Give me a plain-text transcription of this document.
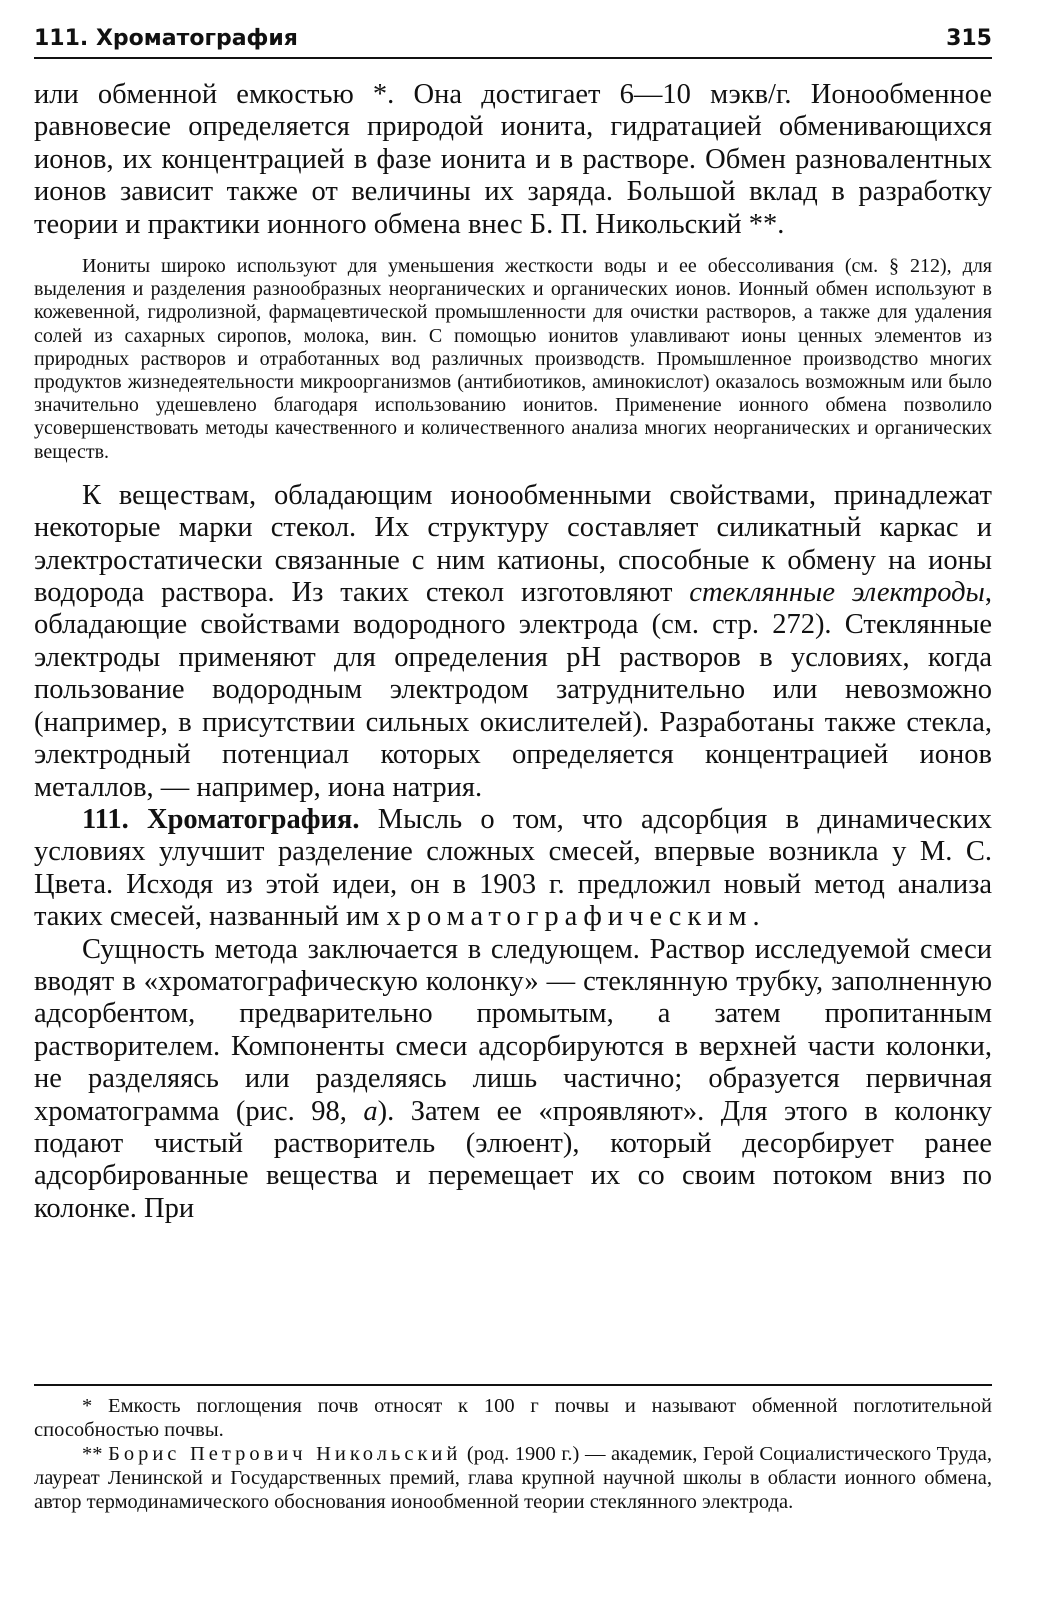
111. Хроматография	315

или обменной емкостью *. Она достигает 6—10 мэкв/г. Ионообменное равновесие определяется природой ионита, гидратацией обменивающихся ионов, их концентрацией в фазе ионита и в растворе. Обмен разновалентных ионов зависит также от величины их заряда. Большой вклад в разработку теории и практики ионного обмена внес Б. П. Никольский **.

Иониты широко используют для уменьшения жесткости воды и ее обессоливания (см. § 212), для выделения и разделения разнообразных неорганических и органических ионов. Ионный обмен используют в кожевенной, гидролизной, фармацевтической промышленности для очистки растворов, а также для удаления солей из сахарных сиропов, молока, вин. С помощью ионитов улавливают ионы ценных элементов из природных растворов и отработанных вод различных производств. Промышленное производство многих продуктов жизнедеятельности микроорганизмов (антибиотиков, аминокислот) оказалось возможным или было значительно удешевлено благодаря использованию ионитов. Применение ионного обмена позволило усовершенствовать методы качественного и количественного анализа многих неорганических и органических веществ.

К веществам, обладающим ионообменными свойствами, принадлежат некоторые марки стекол. Их структуру составляет силикатный каркас и электростатически связанные с ним катионы, способные к обмену на ионы водорода раствора. Из таких стекол изготовляют стеклянные электроды, обладающие свойствами водородного электрода (см. стр. 272). Стеклянные электроды применяют для определения pH растворов в условиях, когда пользование водородным электродом затруднительно или невозможно (например, в присутствии сильных окислителей). Разработаны также стекла, электродный потенциал которых определяется концентрацией ионов металлов, — например, иона натрия.

111. Хроматография. Мысль о том, что адсорбция в динамических условиях улучшит разделение сложных смесей, впервые возникла у М. С. Цвета. Исходя из этой идеи, он в 1903 г. предложил новый метод анализа таких смесей, названный им хроматографическим.

Сущность метода заключается в следующем. Раствор исследуемой смеси вводят в «хроматографическую колонку» — стеклянную трубку, заполненную адсорбентом, предварительно промытым, а затем пропитанным растворителем. Компоненты смеси адсорбируются в верхней части колонки, не разделяясь или разделяясь лишь частично; образуется первичная хроматограмма (рис. 98, а). Затем ее «проявляют». Для этого в колонку подают чистый растворитель (элюент), который десорбирует ранее адсорбированные вещества и перемещает их со своим потоком вниз по колонке. При

* Емкость поглощения почв относят к 100 г почвы и называют обменной поглотительной способностью почвы.

** Борис Петрович Никольский (род. 1900 г.) — академик, Герой Социалистического Труда, лауреат Ленинской и Государственных премий, глава крупной научной школы в области ионного обмена, автор термодинамического обоснования ионообменной теории стеклянного электрода.
